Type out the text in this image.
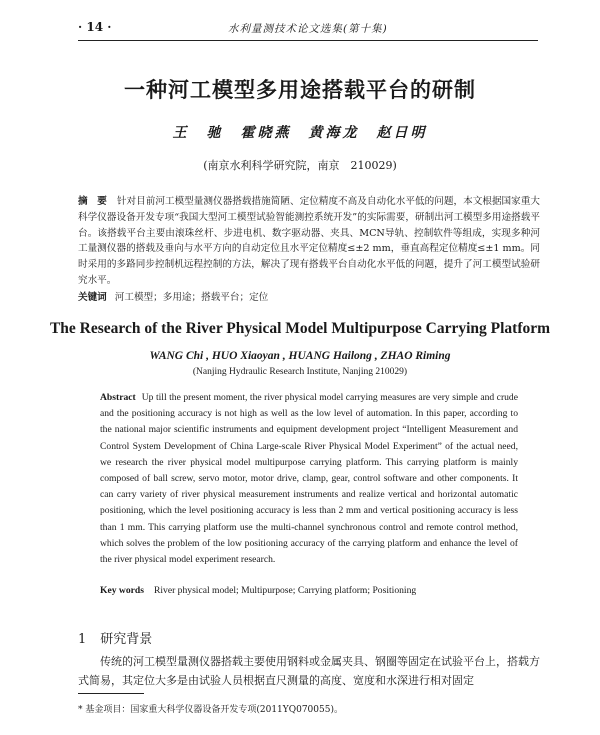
· 14 ·	水利量测技术论文选集(第十集)
一种河工模型多用途搭载平台的研制
王　驰　霍晓燕　黄海龙　赵日明
(南京水利科学研究院，南京　210029)
摘　要 针对目前河工模型量测仪器搭载措施简陋、定位精度不高及自动化水平低的问题，本文根据国家重大科学仪器设备开发专项“我国大型河工模型试验智能测控系统开发”的实际需要，研制出河工模型多用途搭载平台。该搭载平台主要由滚珠丝杆、步进电机、数字驱动器、夹具、MCN导轨、控制软件等组成，实现多种河工量测仪器的搭载及垂向与水平方向的自动定位且水平定位精度≤±2 mm，垂直高程定位精度≤±1 mm。同时采用的多路同步控制机远程控制的方法，解决了现有搭载平台自动化水平低的问题，提升了河工模型试验研究水平。
关键词 河工模型；多用途；搭载平台；定位
The Research of the River Physical Model Multipurpose Carrying Platform
WANG Chi , HUO Xiaoyan , HUANG Hailong , ZHAO Riming
(Nanjing Hydraulic Research Institute, Nanjing 210029)
Abstract Up till the present moment, the river physical model carrying measures are very simple and crude and the positioning accuracy is not high as well as the low level of automation. In this paper, according to the national major scientific instruments and equipment development project “Intelligent Measurement and Control System Development of China Large-scale River Physical Model Experiment” of the actual need, we research the river physical model multipurpose carrying platform. This carrying platform is mainly composed of ball screw, servo motor, motor drive, clamp, gear, control software and other components. It can carry variety of river physical measurement instruments and realize vertical and horizontal automatic positioning, which the level positioning accuracy is less than 2 mm and vertical positioning accuracy is less than 1 mm. This carrying platform use the multi-channel synchronous control and remote control method, which solves the problem of the low positioning accuracy of the carrying platform and enhance the level of the river physical model experiment research.
Key words River physical model; Multipurpose; Carrying platform; Positioning
1 研究背景
传统的河工模型量测仪器搭载主要使用钢料或金属夹具、钢圈等固定在试验平台上，搭载方式简易，其定位大多是由试验人员根据直尺测量的高度、宽度和水深进行相对固定
* 基金项目：国家重大科学仪器设备开发专项(2011YQ070055)。
